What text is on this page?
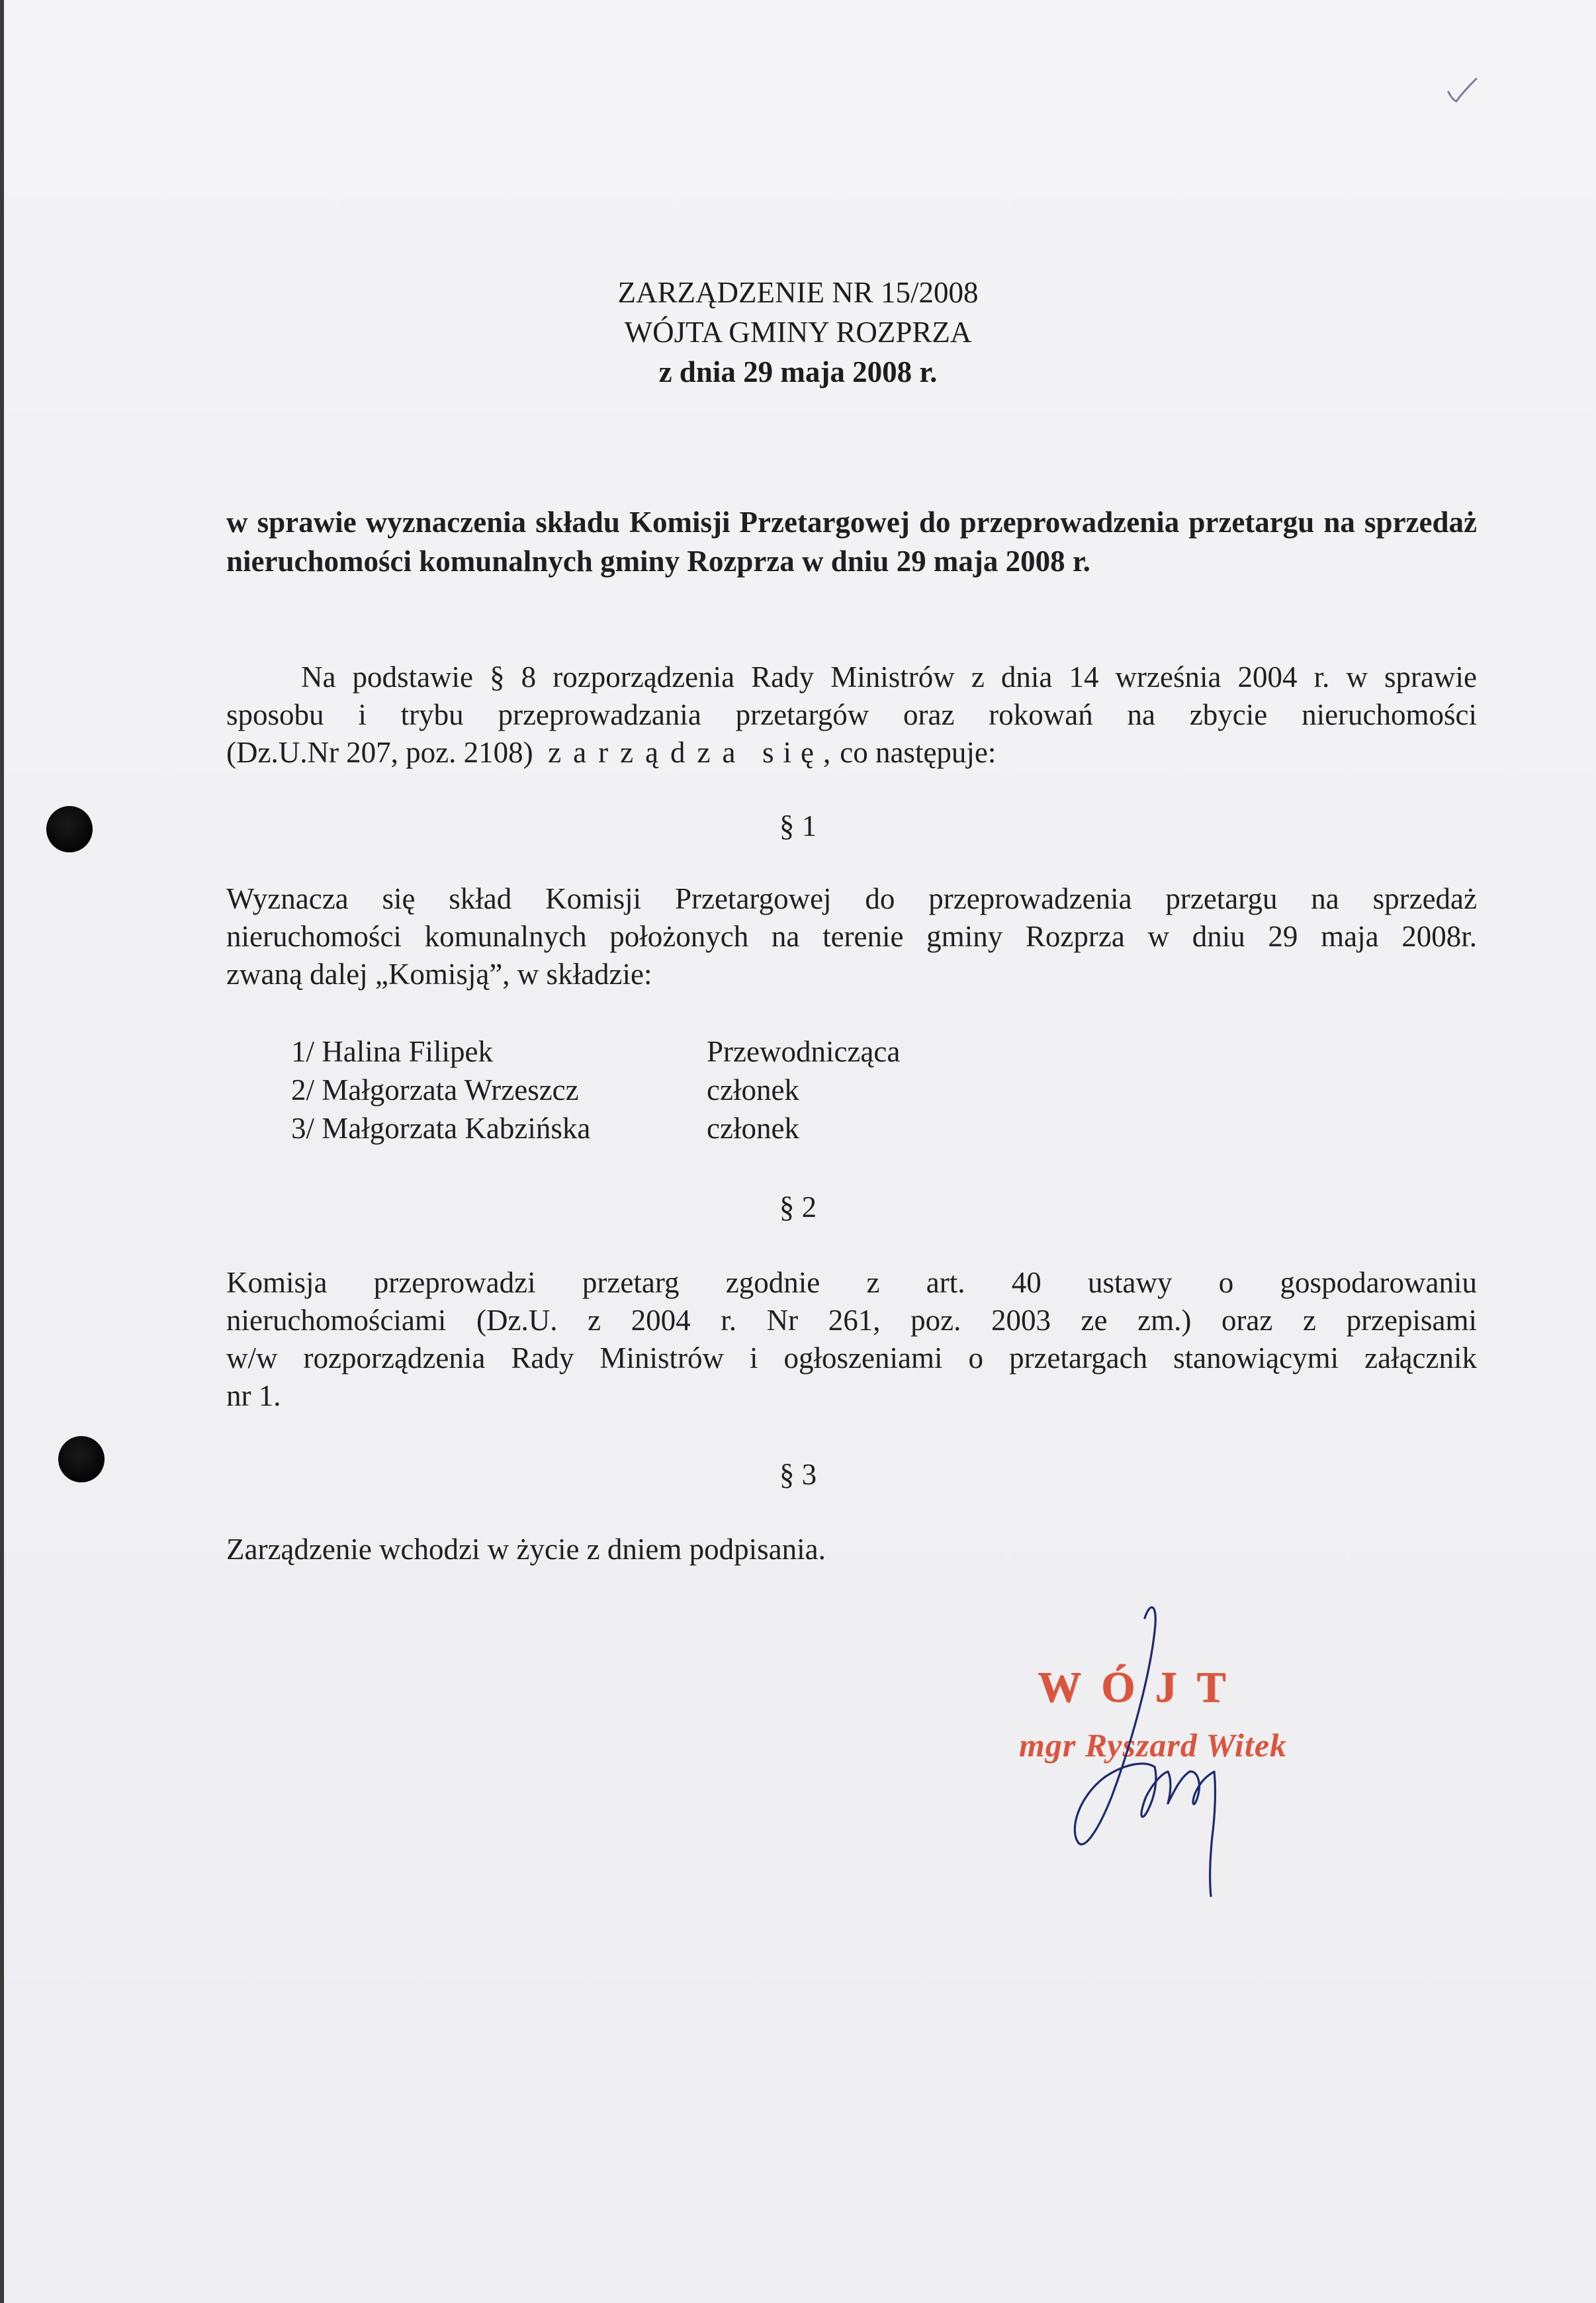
ZARZĄDZENIE NR 15/2008
WÓJTA GMINY ROZPRZA
z dnia 29 maja 2008 r.
w sprawie wyznaczenia składu Komisji Przetargowej do przeprowadzenia przetargu na sprzedaż nieruchomości komunalnych gminy Rozprza w dniu 29 maja 2008 r.
Na podstawie § 8 rozporządzenia Rady Ministrów z dnia 14 września 2004 r. w sprawie
sposobu i trybu przeprowadzania przetargów oraz rokowań na zbycie nieruchomości
(Dz.U.Nr 207, poz. 2108) zarządza się,co następuje:
§ 1
Wyznacza się skład Komisji Przetargowej do przeprowadzenia przetargu na sprzedaż
nieruchomości komunalnych położonych na terenie gminy Rozprza w dniu 29 maja 2008r.
zwaną dalej „Komisją”, w składzie:
1/ Halina Filipek	Przewodnicząca
2/ Małgorzata Wrzeszcz	członek
3/ Małgorzata Kabzińska	członek
§ 2
Komisja przeprowadzi przetarg zgodnie z art. 40 ustawy o gospodarowaniu
nieruchomościami (Dz.U. z 2004 r. Nr 261, poz. 2003 ze zm.) oraz z przepisami
w/w rozporządzenia Rady Ministrów i ogłoszeniami o przetargach stanowiącymi załącznik
nr 1.
§ 3
Zarządzenie wchodzi w życie z dniem podpisania.
WÓJT
mgr Ryszard Witek
